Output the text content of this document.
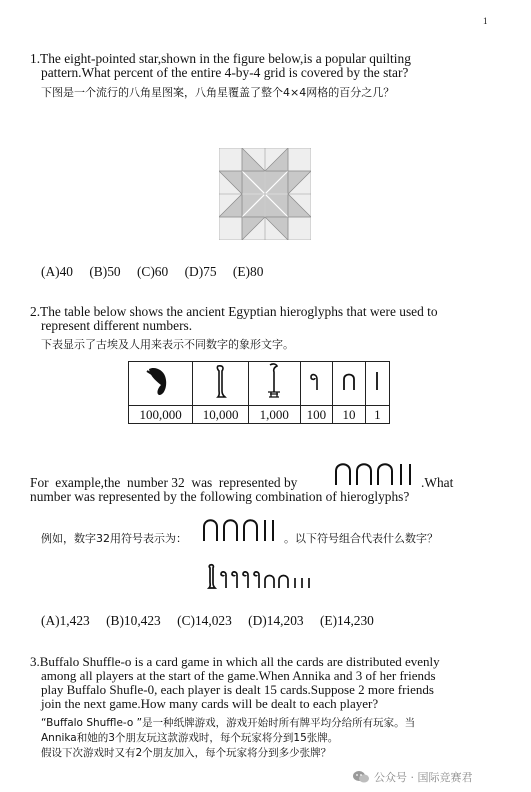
1
1.The eight-pointed star,shown in the figure below,is a popular quilting
pattern.What percent of the entire 4-by-4 grid is covered by the star?
下图是一个流行的八角星图案，八角星覆盖了整个4×4网格的百分之几？
(A)40 (B)50 (C)60 (D)75 (E)80
2.The table below shows the ancient Egyptian hieroglyphs that were used to
represent different numbers.
下表显示了古埃及人用来表示不同数字的象形文字。

100,000	10,000	1,000	100	10	1
For  example,the  number 32  was  represented by	.What
number was represented by the following combination of hieroglyphs?
例如，数字32用符号表示为：	。以下符号组合代表什么数字？
(A)1,423 (B)10,423 (C)14,023 (D)14,203 (E)14,230
3.Buffalo Shuffle-o is a card game in which all the cards are distributed evenly
among all players at the start of the game.When Annika and 3 of her friends
play Buffalo Shufle-0, each player is dealt 15 cards.Suppose 2 more friends
join the next game.How many cards will be dealt to each player?
“Buffalo Shuffle-o ”是一种纸牌游戏，游戏开始时所有牌平均分给所有玩家。当
Annika和她的3个朋友玩这款游戏时，每个玩家将分到15张牌。
假设下次游戏时又有2个朋友加入，每个玩家将分到多少张牌？
公众号 · 国际竞赛君
